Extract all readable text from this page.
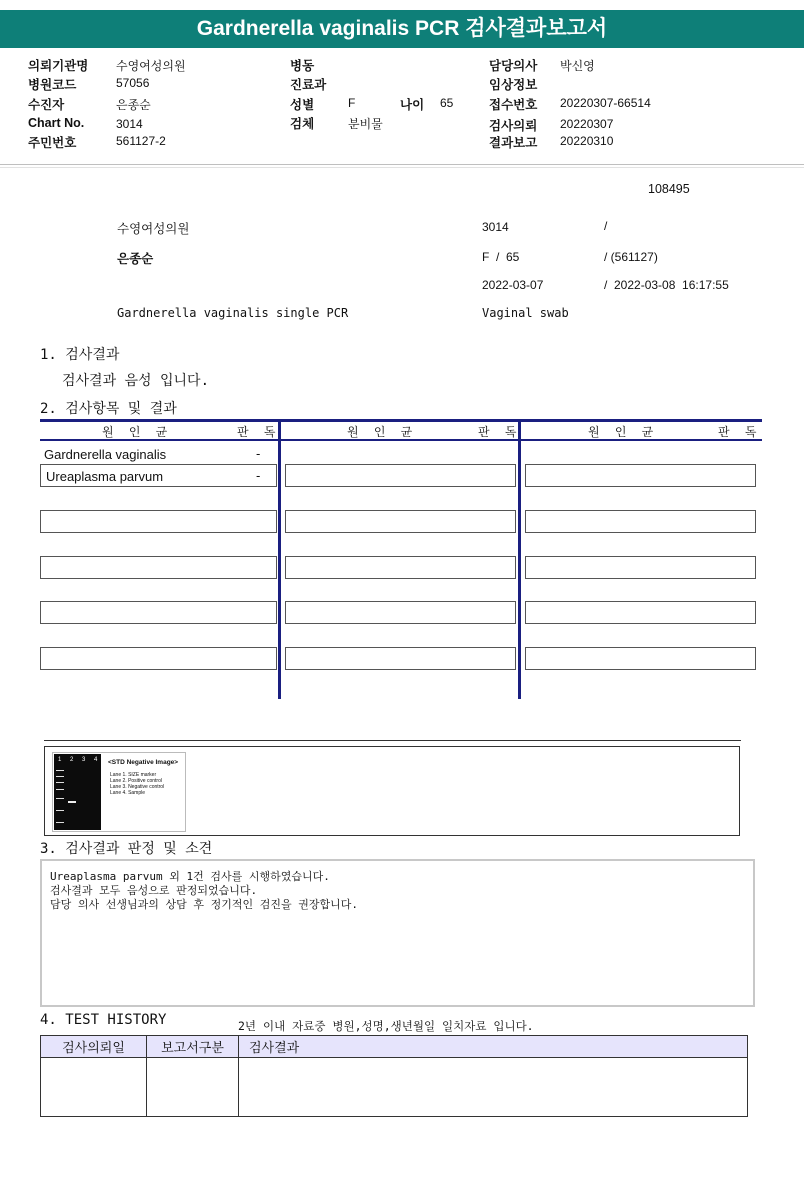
Gardnerella vaginalis PCR 검사결과보고서
의뢰기관명 수영여성의원
병원코드	57056
수진자	은종순
Chart No.	3014
주민번호	561127-2
병동
진료과
성별	F	나이 65
검체	분비물
담당의사 박신영
임상정보
접수번호 20220307-66514
검사의뢰 20220307
결과보고 20220310
108495
수영여성의원	3014	/
은종순	F  /  65	/ (561127)
2022-03-07	/  2022-03-08  16:17:55
Gardnerella vaginalis single PCR	Vaginal swab
1. 검사결과
검사결과 음성 입니다.
2. 검사항목 및 결과
원 인 균	판 독	원 인 균	판 독	원 인 균	판 독
Gardnerella vaginalis	-
Ureaplasma parvum	-
1 2 3 4 <STD Negative Image>
Lane 1. SIZE marker
Lane 2. Positive control
Lane 3. Negative control
Lane 4. Sample
3. 검사결과 판정 및 소견
Ureaplasma parvum 외 1건 검사를 시행하였습니다.
검사결과 모두 음성으로 판정되었습니다.
담당 의사 선생님과의 상담 후 정기적인 검진을 권장합니다.
4. TEST HISTORY	2년 이내 자료중 병원,성명,생년월일 일치자료 입니다.
검사의뢰일	보고서구분	검사결과
